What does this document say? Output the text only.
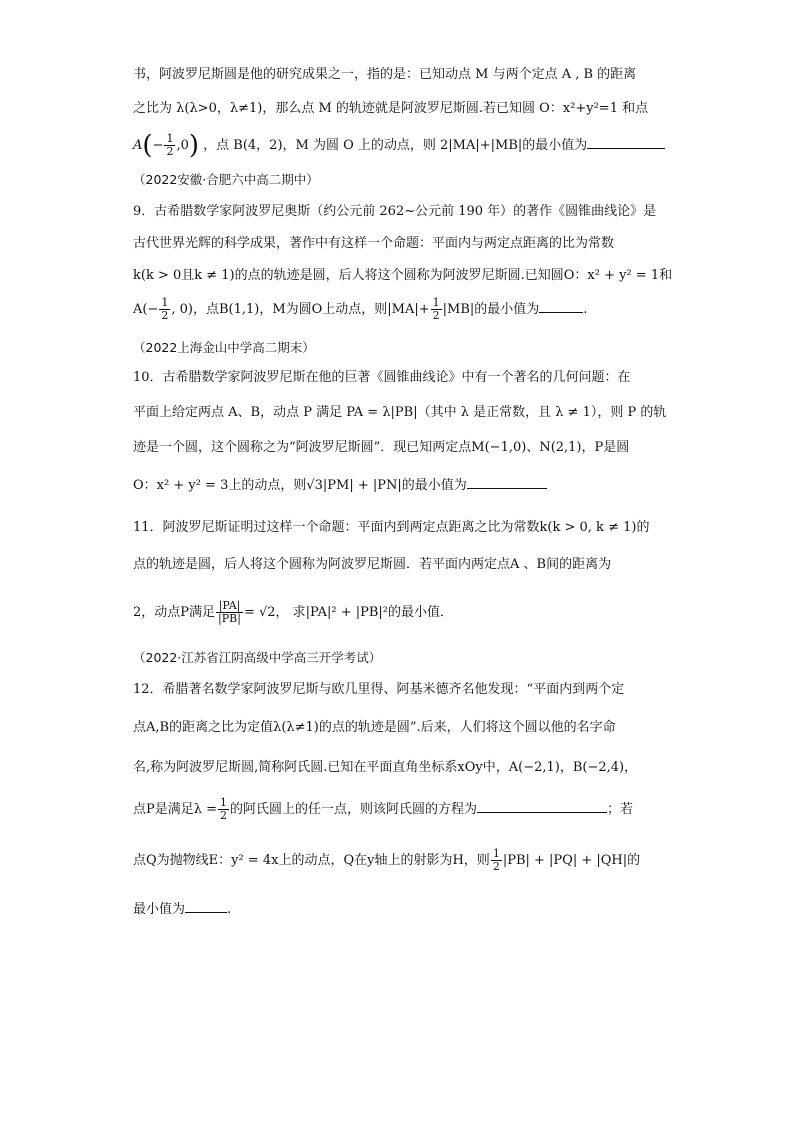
书，阿波罗尼斯圆是他的研究成果之一，指的是：已知动点 M 与两个定点 A , B 的距离
之比为 λ(λ>0，λ≠1)，那么点 M 的轨迹就是阿波罗尼斯圆.若已知圆 O：x²+y²=1 和点
$A(- \frac{1}{2} ,0)$ ，点 B(4，2)，M 为圆 O 上的动点，则 2|MA|+|MB|的最小值为
（2022安徽·合肥六中高二期中）
9．古希腊数学家阿波罗尼奥斯（约公元前 262~公元前 190 年）的著作《圆锥曲线论》是
古代世界光辉的科学成果，著作中有这样一个命题：平面内与两定点距离的比为常数
k(k > 0且k ≠ 1)的点的轨迹是圆，后人将这个圆称为阿波罗尼斯圆.已知圆O：x² + y² = 1和
$A(- \frac{1}{2}$ , 0)，点B(1,1)，M为圆O上动点，则$|MA|+ \frac{1}{2} |MB|$的最小值为	.
（2022上海金山中学高二期末）
10．古希腊数学家阿波罗尼斯在他的巨著《圆锥曲线论》中有一个著名的几何问题：在
平面上给定两点 A、B，动点 P 满足 PA = λ|PB|（其中 λ 是正常数，且 λ ≠ 1），则 P 的轨
迹是一个圆，这个圆称之为“阿波罗尼斯圆”．现已知两定点M(−1,0)、N(2,1)，P是圆
O：x² + y² = 3上的动点，则√3|PM| + |PN|的最小值为
11．阿波罗尼斯证明过这样一个命题：平面内到两定点距离之比为常数k(k > 0, k ≠ 1)的
点的轨迹是圆，后人将这个圆称为阿波罗尼斯圆．若平面内两定点A 、B间的距离为
2，动点P满足 $\frac{|PA|}{|PB|} = √2$， 求|PA|² + |PB|²的最小值．
（2022·江苏省江阴高级中学高三开学考试）
12．希腊著名数学家阿波罗尼斯与欧几里得、阿基米德齐名他发现：“平面内到两个定
点A,B的距离之比为定值λ(λ≠1)的点的轨迹是圆”.后来，人们将这个圆以他的名字命
名,称为阿波罗尼斯圆,简称阿氏圆.已知在平面直角坐标系xOy中，A(−2,1)，B(−2,4)，
点P是满足$\lambda = \frac{1}{2}$ 的阿氏圆上的任一点，则该阿氏圆的方程为	；若
点Q为抛物线E：y² = 4x上的动点，Q在y轴上的射影为H，则 $\frac{1}{2} |PB| + |PQ| + |QH|$的
最小值为	.
